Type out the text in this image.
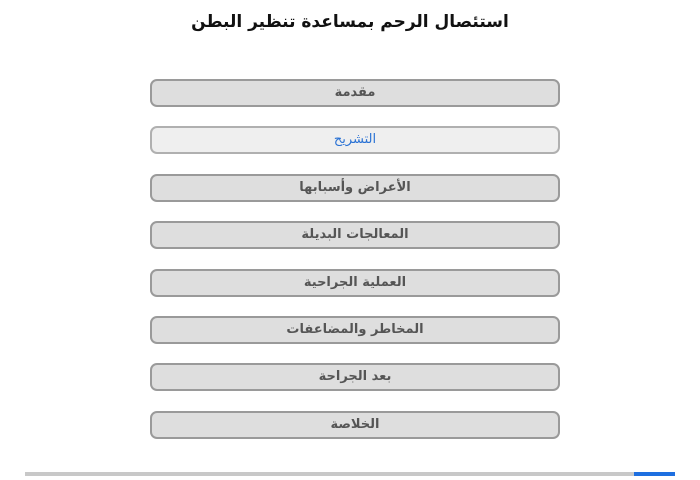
استئصال الرحم بمساعدة تنظير البطن
مقدمة
التشريح
الأعراض وأسبابها
المعالجات البديلة
العملية الجراحية
المخاطر والمضاعفات
بعد الجراحة
الخلاصة
